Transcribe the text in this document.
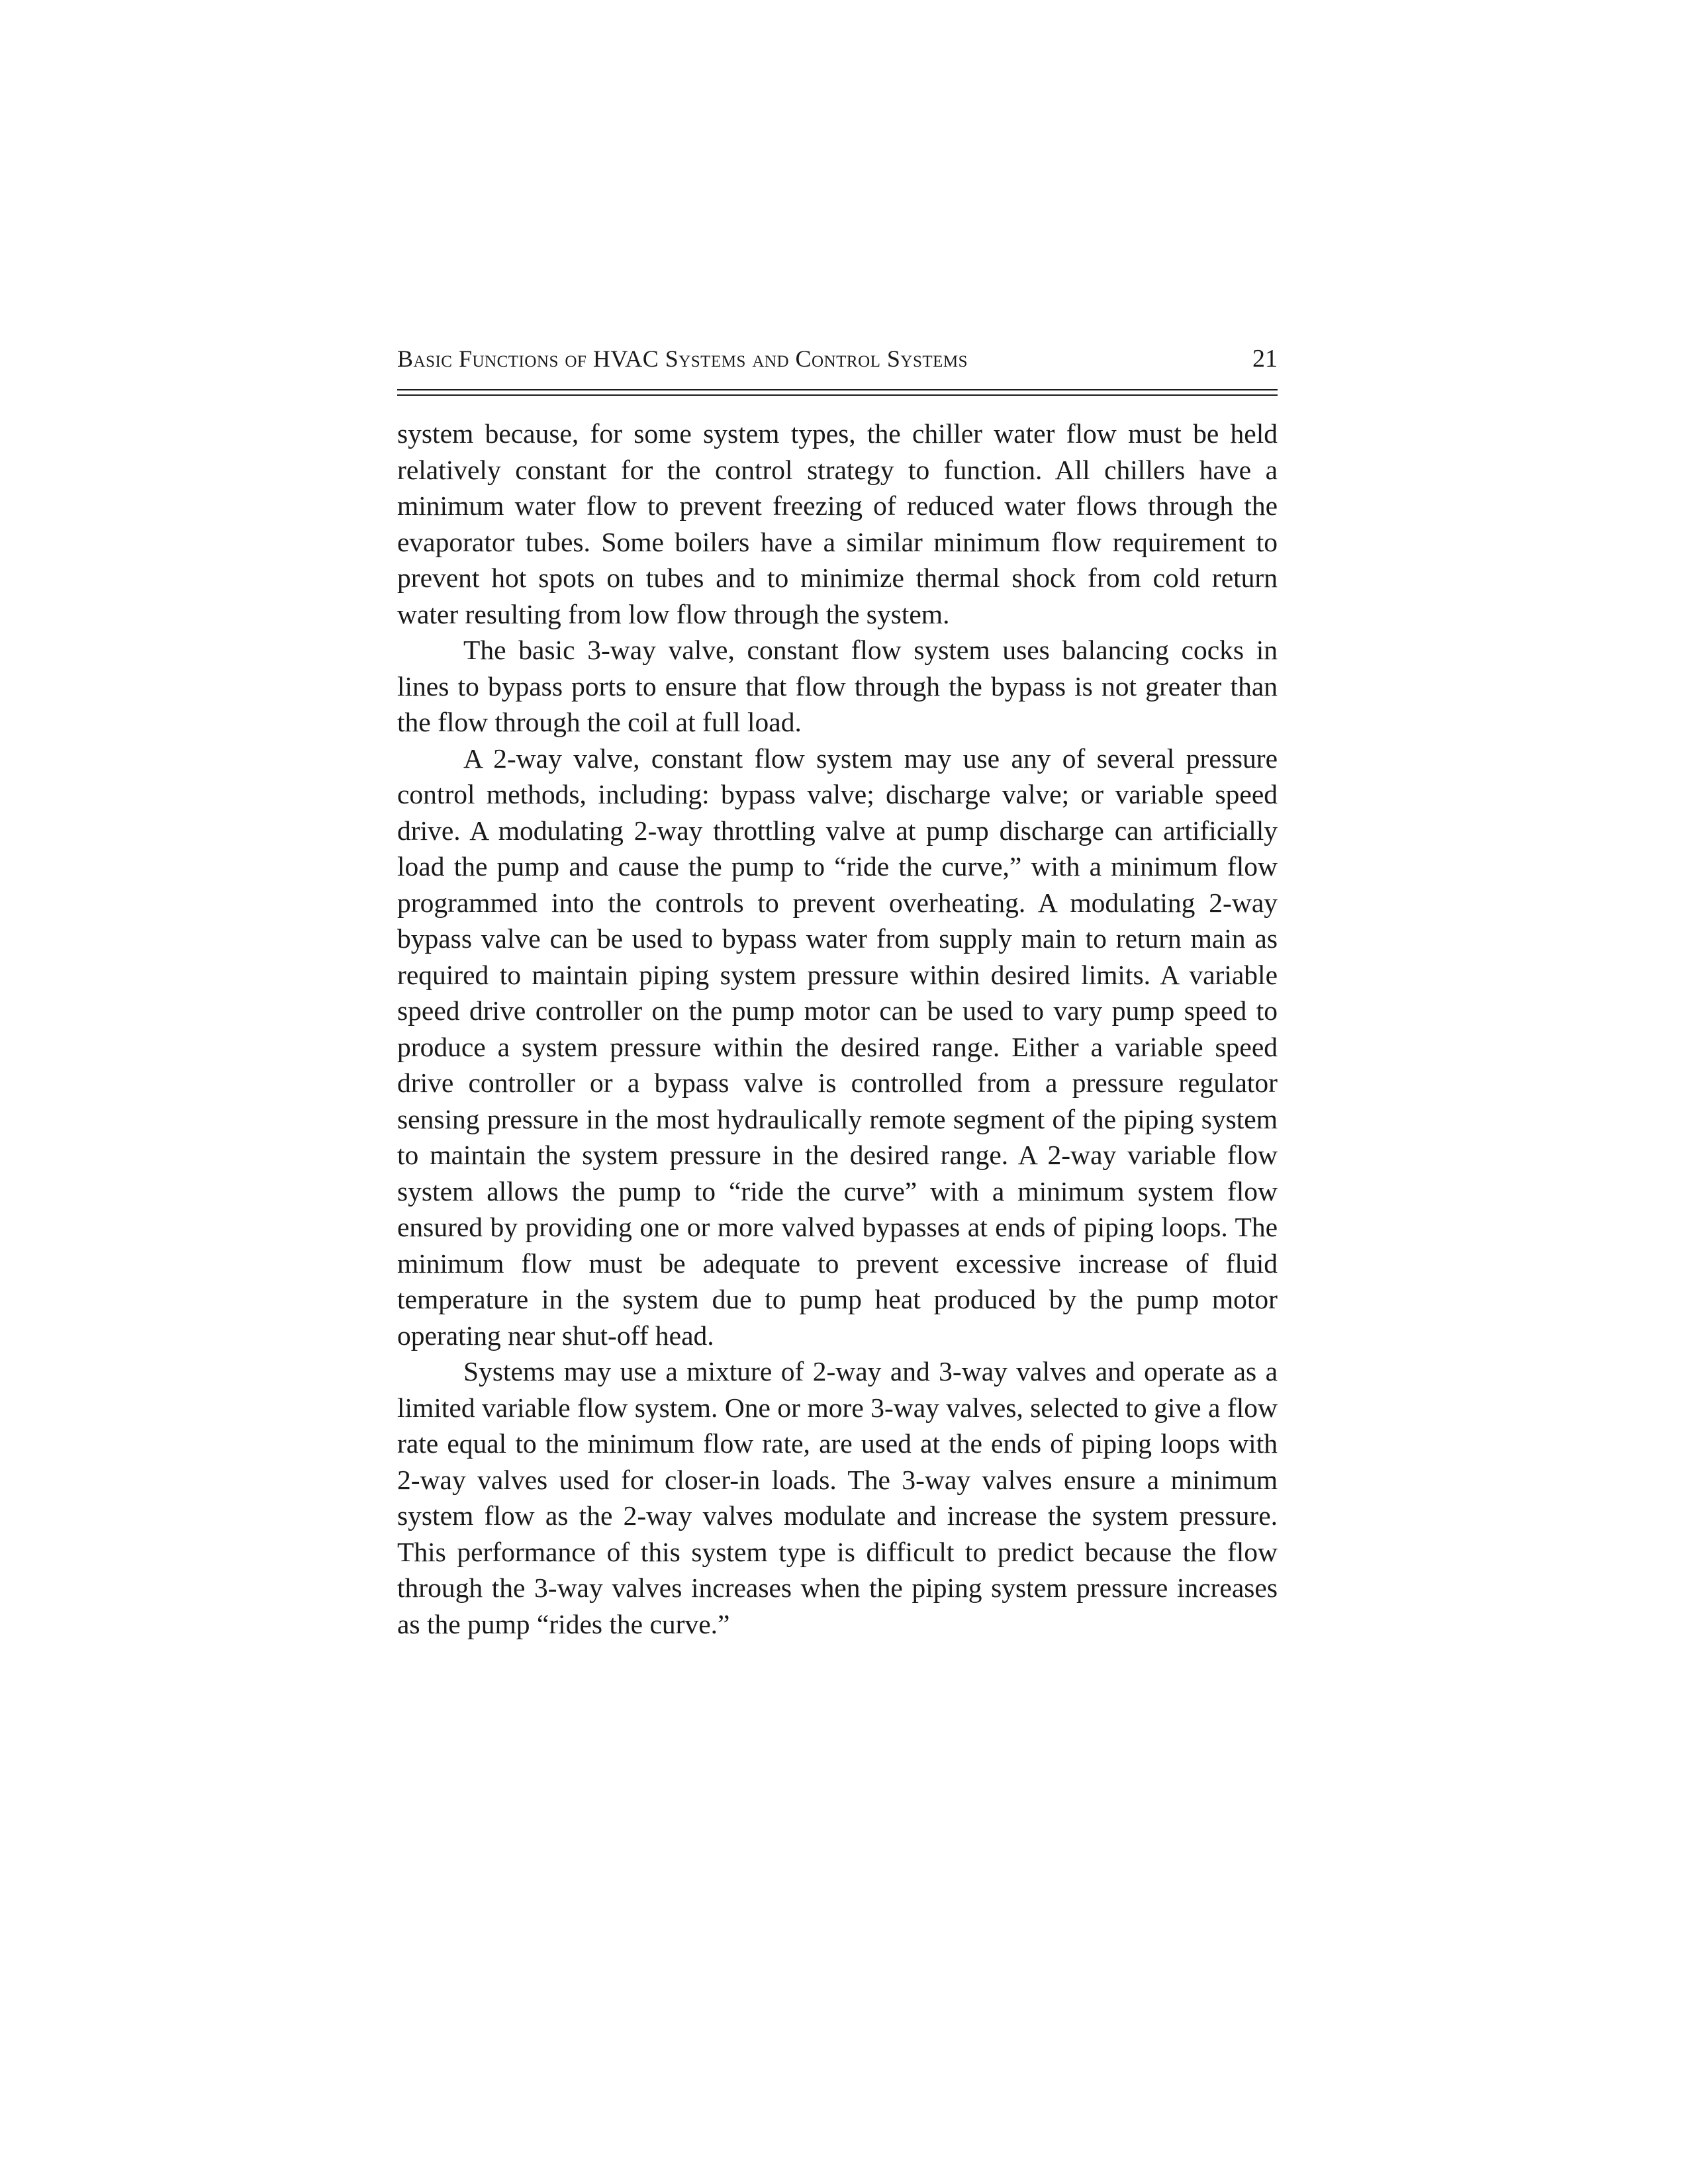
Basic Functions of HVAC Systems and Control Systems	21

system because, for some system types, the chiller water flow must be held relatively constant for the control strategy to function. All chillers have a minimum water flow to prevent freezing of reduced water flows through the evaporator tubes. Some boilers have a similar minimum flow requirement to prevent hot spots on tubes and to minimize thermal shock from cold return water resulting from low flow through the system.

The basic 3-way valve, constant flow system uses balancing cocks in lines to bypass ports to ensure that flow through the bypass is not greater than the flow through the coil at full load.

A 2-way valve, constant flow system may use any of several pressure control methods, including: bypass valve; discharge valve; or variable speed drive. A modulating 2-way throttling valve at pump discharge can artificially load the pump and cause the pump to “ride the curve,” with a minimum flow programmed into the controls to prevent overheating. A modulating 2-way bypass valve can be used to bypass water from supply main to return main as required to maintain piping system pressure within desired limits. A variable speed drive controller on the pump motor can be used to vary pump speed to produce a system pressure within the desired range. Either a variable speed drive controller or a bypass valve is controlled from a pressure regulator sensing pressure in the most hydraulically remote segment of the piping system to maintain the system pressure in the desired range. A 2-way variable flow system allows the pump to “ride the curve” with a minimum system flow ensured by providing one or more valved bypasses at ends of piping loops. The minimum flow must be adequate to prevent excessive increase of fluid temperature in the system due to pump heat produced by the pump motor operating near shut-off head.

Systems may use a mixture of 2-way and 3-way valves and operate as a limited variable flow system. One or more 3-way valves, selected to give a flow rate equal to the minimum flow rate, are used at the ends of piping loops with 2-way valves used for closer-in loads. The 3-way valves ensure a minimum system flow as the 2-way valves modulate and increase the system pressure. This performance of this system type is difficult to predict because the flow through the 3-way valves increases when the piping system pressure increases as the pump “rides the curve.”
